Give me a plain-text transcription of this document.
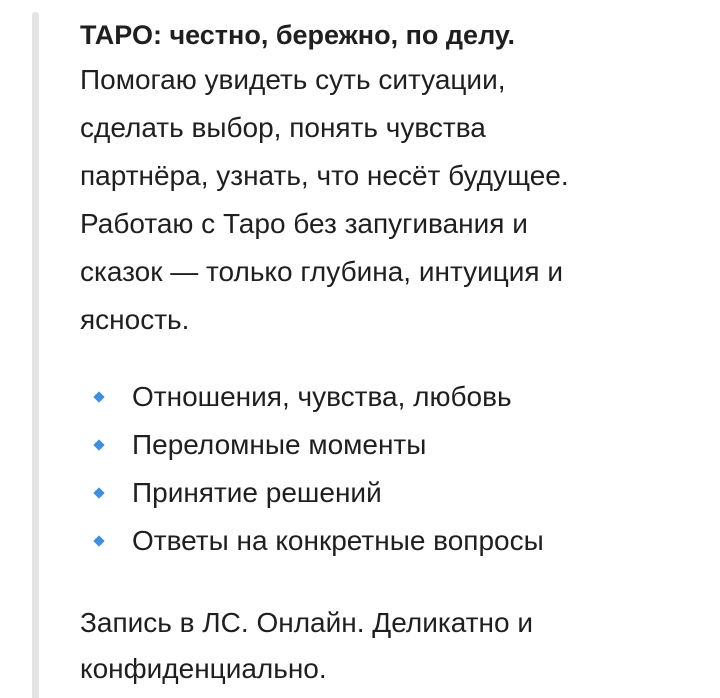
ТАРО: честно, бережно, по делу.
Помогаю увидеть суть ситуации,
сделать выбор, понять чувства
партнёра, узнать, что несёт будущее.
Работаю с Таро без запугивания и
сказок — только глубина, интуиция и
ясность.
Отношения, чувства, любовь
Переломные моменты
Принятие решений
Ответы на конкретные вопросы
Запись в ЛС. Онлайн. Деликатно и
конфиденциально.
